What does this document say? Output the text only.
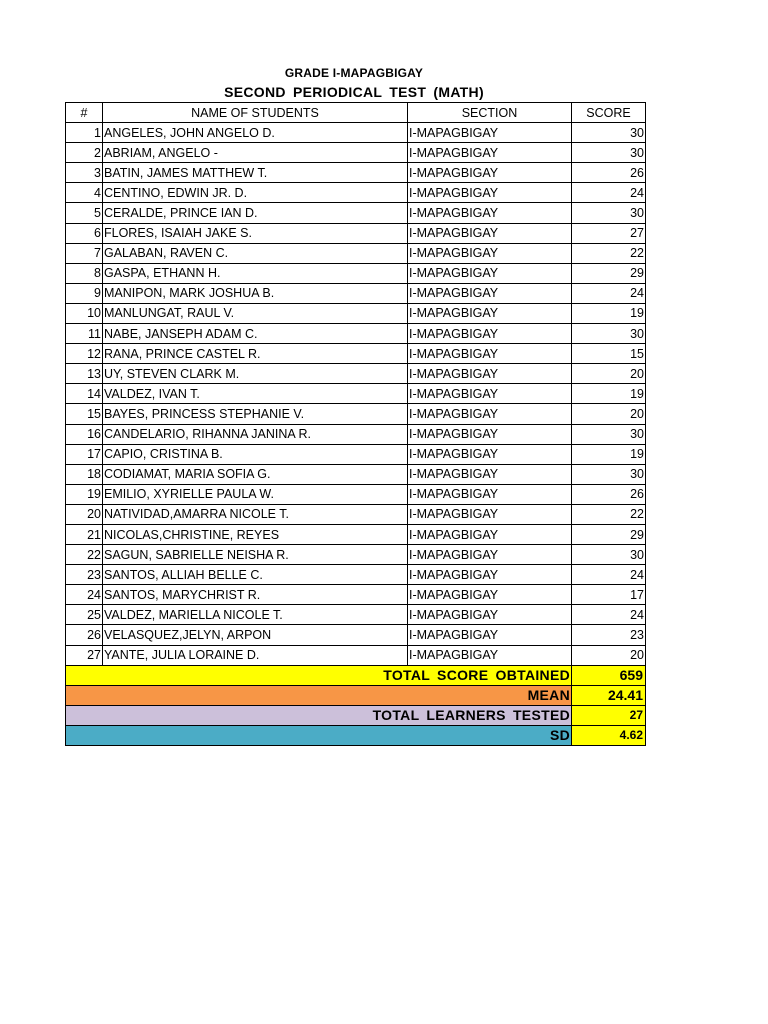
GRADE I-MAPAGBIGAY
SECOND PERIODICAL TEST (MATH)
#	NAME OF STUDENTS	SECTION	SCORE
1	ANGELES, JOHN ANGELO D.	I-MAPAGBIGAY	30
2	ABRIAM, ANGELO -	I-MAPAGBIGAY	30
3	BATIN, JAMES MATTHEW T.	I-MAPAGBIGAY	26
4	CENTINO, EDWIN JR. D.	I-MAPAGBIGAY	24
5	CERALDE, PRINCE IAN D.	I-MAPAGBIGAY	30
6	FLORES, ISAIAH JAKE S.	I-MAPAGBIGAY	27
7	GALABAN, RAVEN C.	I-MAPAGBIGAY	22
8	GASPA, ETHANN H.	I-MAPAGBIGAY	29
9	MANIPON, MARK JOSHUA B.	I-MAPAGBIGAY	24
10	MANLUNGAT, RAUL V.	I-MAPAGBIGAY	19
11	NABE, JANSEPH ADAM C.	I-MAPAGBIGAY	30
12	RANA, PRINCE CASTEL R.	I-MAPAGBIGAY	15
13	UY, STEVEN CLARK M.	I-MAPAGBIGAY	20
14	VALDEZ, IVAN T.	I-MAPAGBIGAY	19
15	BAYES, PRINCESS STEPHANIE V.	I-MAPAGBIGAY	20
16	CANDELARIO, RIHANNA JANINA R.	I-MAPAGBIGAY	30
17	CAPIO, CRISTINA B.	I-MAPAGBIGAY	19
18	CODIAMAT, MARIA SOFIA G.	I-MAPAGBIGAY	30
19	EMILIO, XYRIELLE PAULA W.	I-MAPAGBIGAY	26
20	NATIVIDAD,AMARRA NICOLE T.	I-MAPAGBIGAY	22
21	NICOLAS,CHRISTINE, REYES	I-MAPAGBIGAY	29
22	SAGUN, SABRIELLE NEISHA R.	I-MAPAGBIGAY	30
23	SANTOS, ALLIAH BELLE C.	I-MAPAGBIGAY	24
24	SANTOS, MARYCHRIST R.	I-MAPAGBIGAY	17
25	VALDEZ, MARIELLA NICOLE T.	I-MAPAGBIGAY	24
26	VELASQUEZ,JELYN, ARPON	I-MAPAGBIGAY	23
27	YANTE, JULIA LORAINE D.	I-MAPAGBIGAY	20
TOTAL SCORE OBTAINED			659
MEAN			24.41
TOTAL LEARNERS TESTED			27
SD			4.62
